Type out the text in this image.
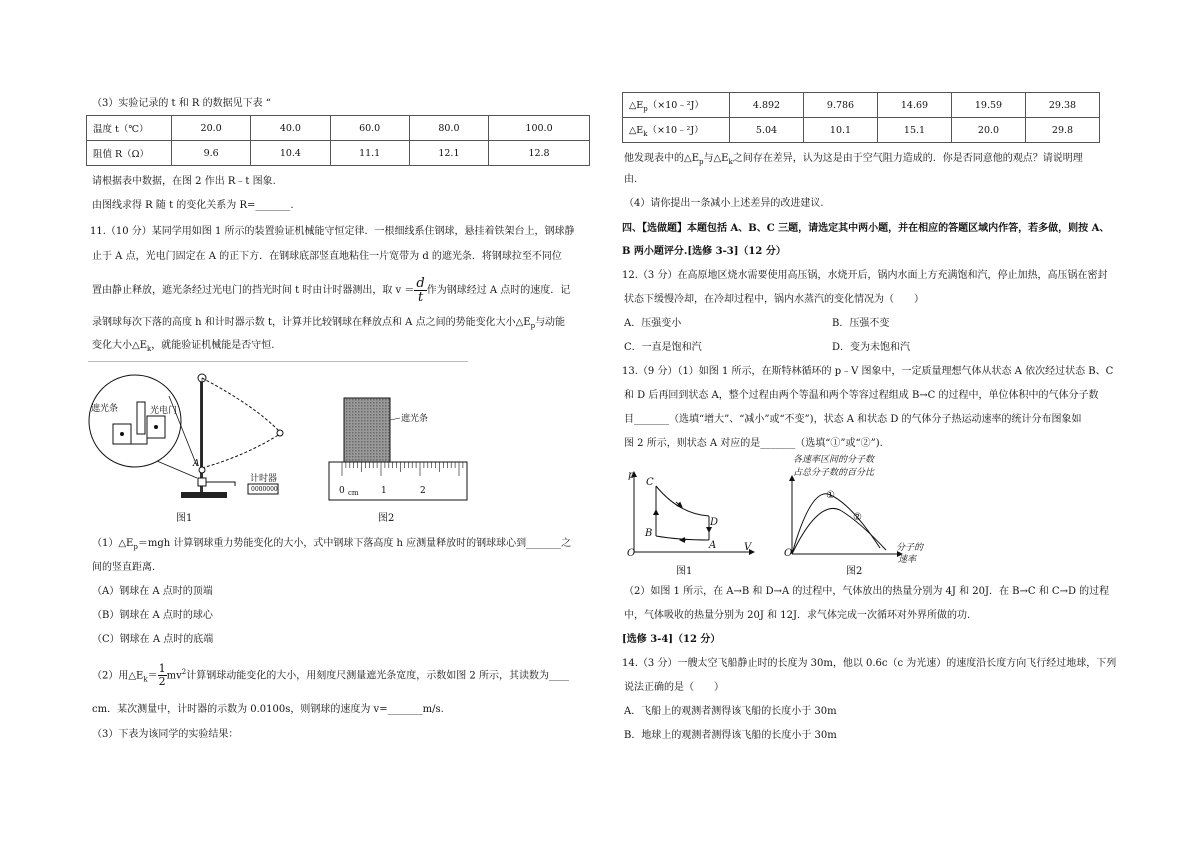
（3）实验记录的 t 和 R 的数据见下表 “
温度 t（℃）	20.0	40.0	60.0	80.0	100.0
阻值 R（Ω）	9.6	10.4	11.1	12.1	12.8
请根据表中数据，在图 2 作出 R﹣t 图象.
由图线求得 R 随 t 的变化关系为 R=_______.
11.（10 分）某同学用如图 1 所示的装置验证机械能守恒定律．一根细线系住钢球，悬挂着铁架台上，钢球静
止于 A 点，光电门固定在 A 的正下方．在钢球底部竖直地粘住一片宽带为 d 的遮光条．将钢球拉至不同位
置由静止释放，遮光条经过光电门的挡光时间 t 时由计时器测出，取 $v = \frac{d}{t}$ 作为钢球经过 A 点时的速度．记
录钢球每次下落的高度 h 和计时器示数 t，计算并比较钢球在释放点和 A 点之间的势能变化大小$\triangle E_p$与动能
变化大小$\triangle E_k$，就能验证机械能是否守恒.
遮光条	光电门
A
计时器
0000000
图1
遮光条
0 cm 1	2
图2
$(1)\triangle E_p=mgh$ 计算钢球重力势能变化的大小，式中钢球下落高度 h 应测量释放时的钢球球心到_______之
间的竖直距离.
（A）钢球在 A 点时的顶端
（B）钢球在 A 点时的球心
（C）钢球在 A 点时的底端
（2）用$\triangle E_k= \frac{1}{2} mv^2$计算钢球动能变化的大小，用刻度尺测量遮光条宽度，示数如图 2 所示，其读数为____
cm．某次测量中，计时器的示数为 0.0100s，则钢球的速度为 v=_______m/s.
（3）下表为该同学的实验结果：
$\triangle E_p(\times 10﹣^2J)$	4.892	9.786	14.69	19.59	29.38
$\triangle E_k(\times 10﹣^2J)$	5.04	10.1	15.1	20.0	29.8
他发现表中的$\triangle E_p$与$\triangle E_k$之间存在差异，认为这是由于空气阻力造成的．你是否同意他的观点？请说明理
由.
（4）请你提出一条减小上述差异的改进建议.
四、【选做题】本题包括 A、B、C 三题，请选定其中两小题，并在相应的答题区域内作答，若多做，则按 A、
B 两小题评分.[选修 3-3]（12 分）
12.（3 分）在高原地区烧水需要使用高压锅，水烧开后，锅内水面上方充满饱和汽，停止加热，高压锅在密封
状态下缓慢冷却，在冷却过程中，锅内水蒸汽的变化情况为（　　）
A．压强变小	B．压强不变
C．一直是饱和汽	D．变为未饱和汽
13.（9 分）（1）如图 1 所示，在斯特林循环的 p﹣V 图象中，一定质量理想气体从状态 A 依次经过状态 B、C
和 D 后再回到状态 A，整个过程由两个等温和两个等容过程组成 B→C 的过程中，单位体积中的气体分子数
目_______（选填“增大”、“减小”或“不变”)，状态 A 和状态 D 的气体分子热运动速率的统计分布图象如
图 2 所示，则状态 A 对应的是_______（选填“①”或“②”).
p
V
O
A
B
C
D
图1
各速率区间的分子数
占总分子数的百分比
①
②
O	分子的
速率
图2
（2）如图 1 所示，在 A→B 和 D→A 的过程中，气体放出的热量分别为 4J 和 20J．在 B→C 和 C→D 的过程
中，气体吸收的热量分别为 20J 和 12J．求气体完成一次循环对外界所做的功.
[选修 3-4]（12 分）
14.（3 分）一艘太空飞船静止时的长度为 30m，他以 0.6c（c 为光速）的速度沿长度方向飞行经过地球，下列
说法正确的是（　　）
A．飞船上的观测者测得该飞船的长度小于 30m
B．地球上的观测者测得该飞船的长度小于 30m
